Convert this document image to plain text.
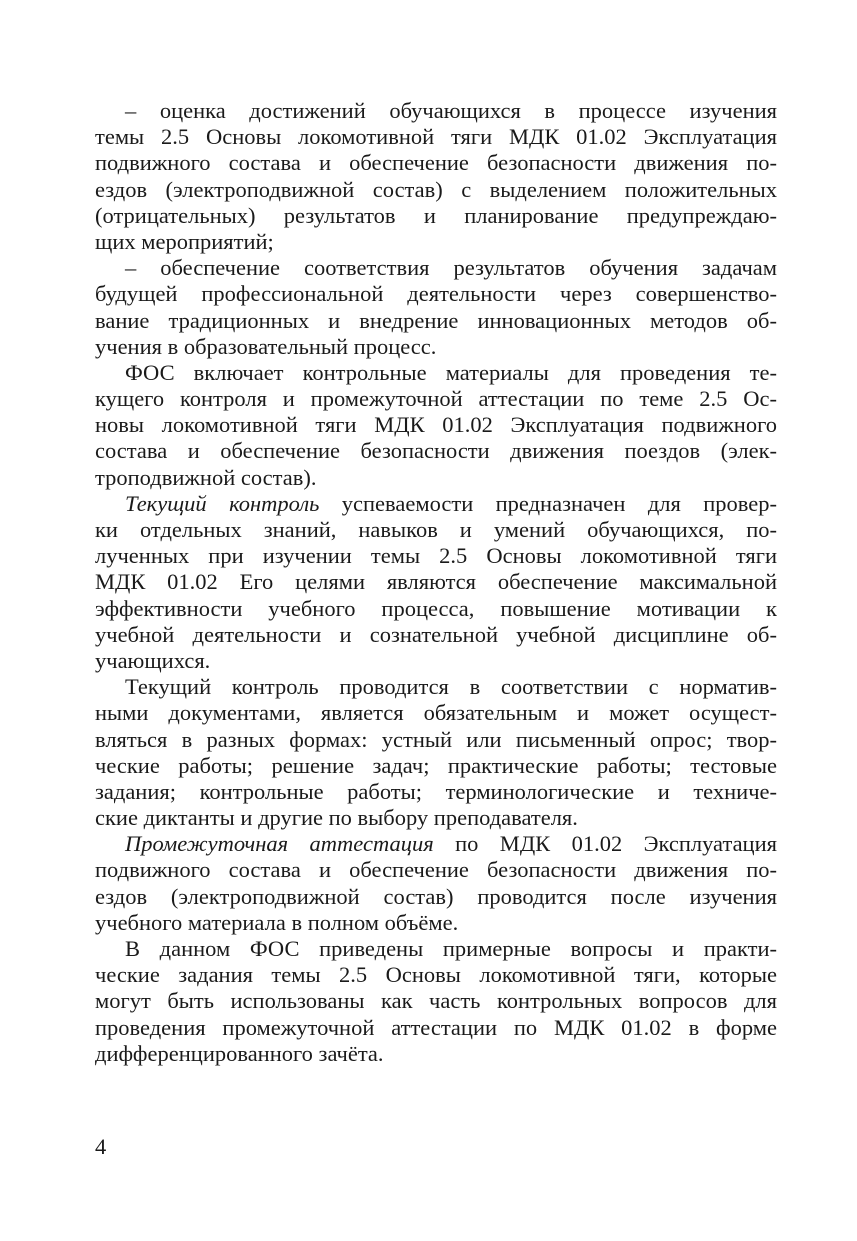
– оценка достижений обучающихся в процессе изучения
темы 2.5 Основы локомотивной тяги МДК 01.02 Эксплуатация
подвижного состава и обеспечение безопасности движения по-
ездов (электроподвижной состав) с выделением положительных
(отрицательных) результатов и планирование предупреждаю-
щих мероприятий;
– обеспечение соответствия результатов обучения задачам
будущей профессиональной деятельности через совершенство-
вание традиционных и внедрение инновационных методов об-
учения в образовательный процесс.
ФОС включает контрольные материалы для проведения те-
кущего контроля и промежуточной аттестации по теме 2.5 Ос-
новы локомотивной тяги МДК 01.02 Эксплуатация подвижного
состава и обеспечение безопасности движения поездов (элек-
троподвижной состав).
Текущий контроль успеваемости предназначен для провер-
ки отдельных знаний, навыков и умений обучающихся, по-
лученных при изучении темы 2.5 Основы локомотивной тяги
МДК 01.02 Его целями являются обеспечение максимальной
эффективности учебного процесса, повышение мотивации к
учебной деятельности и сознательной учебной дисциплине об-
учающихся.
Текущий контроль проводится в соответствии с норматив-
ными документами, является обязательным и может осущест-
вляться в разных формах: устный или письменный опрос; твор-
ческие работы; решение задач; практические работы; тестовые
задания; контрольные работы; терминологические и техниче-
ские диктанты и другие по выбору преподавателя.
Промежуточная аттестация по МДК 01.02 Эксплуатация
подвижного состава и обеспечение безопасности движения по-
ездов (электроподвижной состав) проводится после изучения
учебного материала в полном объёме.
В данном ФОС приведены примерные вопросы и практи-
ческие задания темы 2.5 Основы локомотивной тяги, которые
могут быть использованы как часть контрольных вопросов для
проведения промежуточной аттестации по МДК 01.02 в форме
дифференцированного зачёта.
4
